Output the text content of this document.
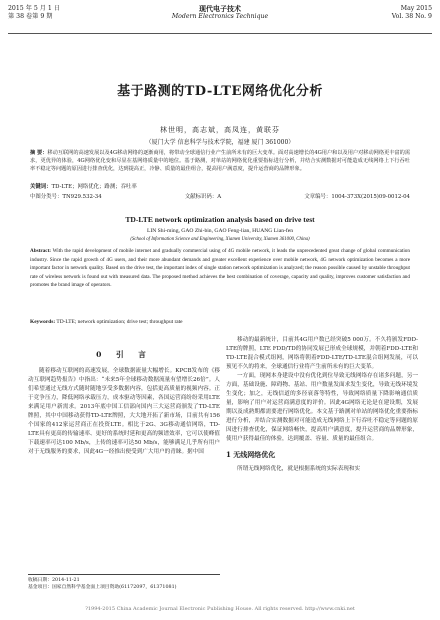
2015 年 5 月 1 日
第 38 卷第 9 期
现代电子技术
Modern Electronics Technique
May 2015
Vol. 38 No. 9
基于路测的TD-LTE网络优化分析
林世明，高志斌，高凤连，黄联芬
（厦门大学 信息科学与技术学院，福建 厦门 361000）
摘 要：移动互联网的高速发展以及4G移动网络的逐渐商用，将带动全球通信行业产生前所未有的巨大变革。面对高速增长的4G用户和以及用户对移动网络更丰富的需求，更优异的体验，4G网络优化变和尽显在基网络质量中的地位。基于路测，对单站的网络优化重要指标进行分析，并结合实测数据对可能造成无线网络上下行吞吐率不稳定等问题的原因进行排查优化，达到提高正，冷静、质量的最佳组合，提高用户满意度，提升运营商的品牌形象。
关键词：TD-LTE；网络优化；路测；吞吐率
中图分类号：TN929.532-34	文献标识码：A	文章编号：1004-373X(2015)09-0012-04
TD-LTE network optimization analysis based on drive test
LIN Shi-ming, GAO Zhi-bin, GAO Feng-lian, HUANG Lian-fen
(School of Information Science and Engineering, Xiamen University, Xiamen 361000, China)
Abstract: With the rapid development of mobile internet and gradually commercial using of 4G mobile network, it leads the unprecedented great change of global communication industry. Since the rapid growth of 4G users, and their more abundant demands and greater excellent experience over mobile network, 4G network optimization becomes a more important factor in network quality. Based on the drive test, the important index of single station network optimization is analyzed; the reason possible caused by unstable throughput rate of wireless network is found out with measured data. The proposed method achieves the best combination of coverage, capacity and quality, improves customer satisfaction and promotes the brand image of operators.
Keywords: TD-LTE; network optimization; drive test; throughput rate
0 引 言

随着移动互联网的高速发展，全球数据流量大幅增长。KPCB发布的《移动互联网趋势报告》中指出：“未来5年全球移动数据流量有望增长26倍”。人们希望通过无线方式随时随地享受多数据内容，包括更高质量的视频内容。正于竞争压力，降低网络承载压力，成本驱动等因素，各国运营商纷纷采用LTE来满足用户新需求。2013年底中国工信部向国内三大运营商颁发了TD-LTE牌照，其中中国移动获得TD-LTE牌照，大大地开拓了新市场，目前共有156个国家的412家运营商正在投资LTE。相比于2G、3G移动通信网络，TD-LTE具有更高的传输速率、更好的系统时延和更高的频谱效率，它可以使峰值下载速率可达100 Mb/s，上传的速率可达50 Mb/s，能够满足几乎所有用户对于无线服务的要求，因此4G一经推出便受到广大用户的青睐。据中国

移动的最新统计，目前其4G用户数已经突破5 000万。不久将颁发FDD-LTE的牌照，LTE FDD/TD的协同发展已形成全球规模，并朝着FDD-LTE和TD-LTE混合模式组网，网络将朝着FDD-LTE/TD-LTE混合组网发展，可以预见不久的将来，全球通信行业将产生前所未有的巨大变革。

一方面，现网本身建设中没有优化到位导致无线网络存在诸多问题，另一方面，基础设施、障碍物、基站、用户数量发面求发生变化，导致无线环境发生变化；加之，无线信道的多径衰落等特性，导致网络质量下降影响通信质量，影响了用户对运营商满意度的评价。因此4G网络无论是在建设期，发展期以及成熟期都需要进行网络优化。本文基于路测对单站的网络优化重要指标进行分析，并结合实测数据对可能造成无线网络上下行吞吐不稳定等问题的原因进行排查优化，保证网络畅快，提高用户满意度，提升运营商的品牌形象，使用户获得最佳的体验，达到覆盖、容量、质量的最佳组合。

1 无线网络优化

所谓无线网络优化，就是根据系统的实际表现和实

收稿日期：2014-11-21
基金项目：国家自然科学基金面上项目资助(61172097，61371081)
?1994-2015 China Academic Journal Electronic Publishing House. All rights reserved. http://www.cnki.net
